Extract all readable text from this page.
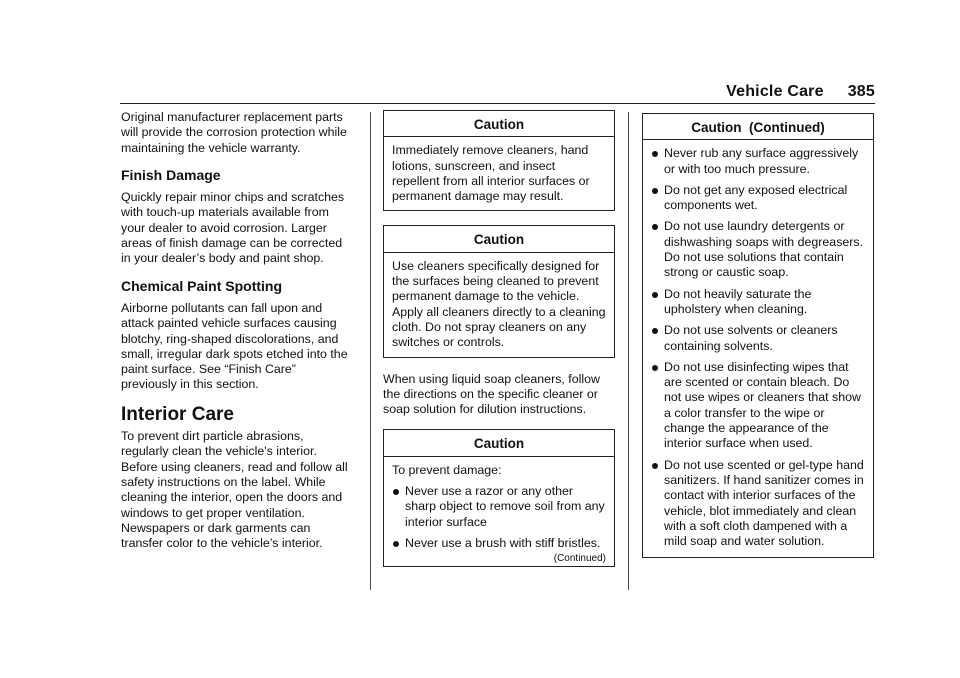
Vehicle Care 385

Original manufacturer replacement parts will provide the corrosion protection while maintaining the vehicle warranty.

Finish Damage

Quickly repair minor chips and scratches with touch-up materials available from your dealer to avoid corrosion. Larger areas of finish damage can be corrected in your dealer’s body and paint shop.

Chemical Paint Spotting

Airborne pollutants can fall upon and attack painted vehicle surfaces causing blotchy, ring-shaped discolorations, and small, irregular dark spots etched into the paint surface. See “Finish Care” previously in this section.

Interior Care

To prevent dirt particle abrasions, regularly clean the vehicle's interior. Before using cleaners, read and follow all safety instructions on the label. While cleaning the interior, open the doors and windows to get proper ventilation. Newspapers or dark garments can transfer color to the vehicle’s interior.

Caution
Immediately remove cleaners, hand lotions, sunscreen, and insect repellent from all interior surfaces or permanent damage may result.
Caution
Use cleaners specifically designed for the surfaces being cleaned to prevent permanent damage to the vehicle. Apply all cleaners directly to a cleaning cloth. Do not spray cleaners on any switches or controls.

When using liquid soap cleaners, follow the directions on the specific cleaner or soap solution for dilution instructions.

Caution

To prevent damage:

Never use a razor or any other sharp object to remove soil from any interior surface
Never use a brush with stiff bristles.
(Continued)
Caution  (Continued)
Never rub any surface aggressively or with too much pressure.
Do not get any exposed electrical components wet.
Do not use laundry detergents or dishwashing soaps with degreasers. Do not use solutions that contain strong or caustic soap.
Do not heavily saturate the upholstery when cleaning.
Do not use solvents or cleaners containing solvents.
Do not use disinfecting wipes that are scented or contain bleach. Do not use wipes or cleaners that show a color transfer to the wipe or change the appearance of the interior surface when used.
Do not use scented or gel-type hand sanitizers. If hand sanitizer comes in contact with interior surfaces of the vehicle, blot immediately and clean with a soft cloth dampened with a mild soap and water solution.
